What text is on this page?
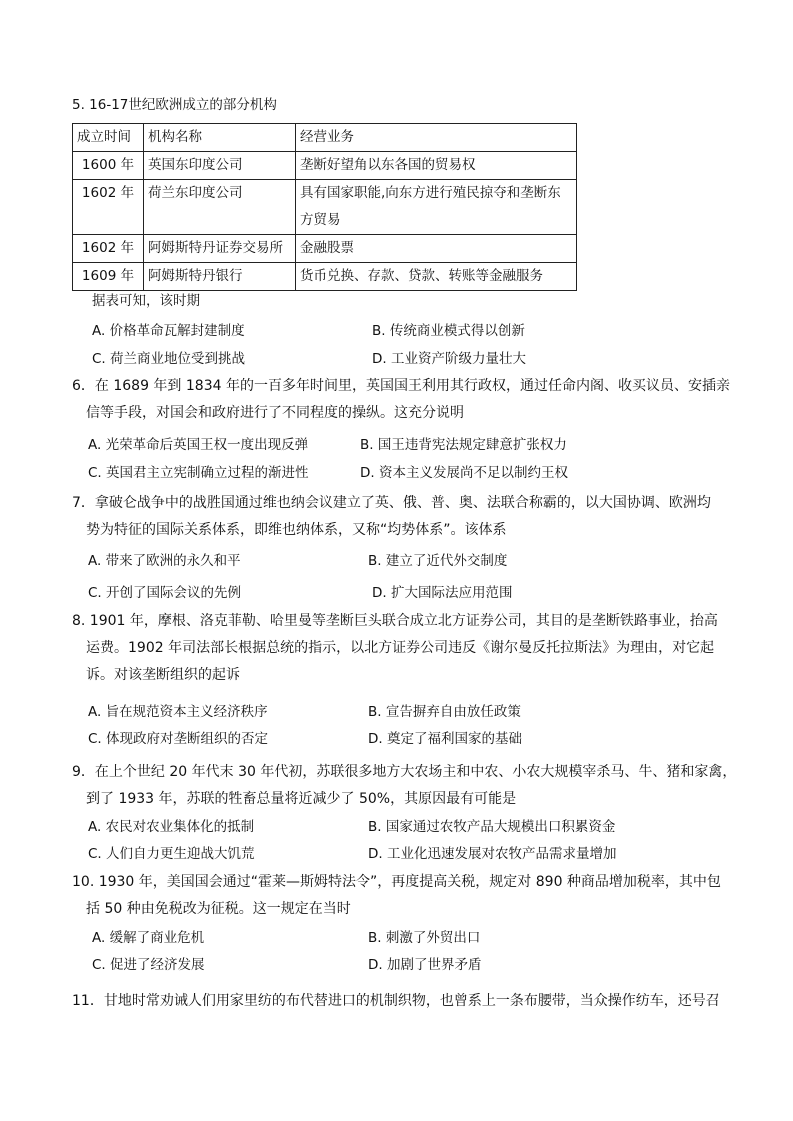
5. 16-17世纪欧洲成立的部分机构
成立时间	机构名称	经营业务
1600 年	英国东印度公司	垄断好望角以东各国的贸易权

1602 年	荷兰东印度公司	具有国家职能,向东方进行殖民掠夺和垄断东
方贸易

1602 年	阿姆斯特丹证券交易所	金融股票

1609 年	阿姆斯特丹银行	货币兑换、存款、贷款、转账等金融服务
据表可知，该时期
A. 价格革命瓦解封建制度	B. 传统商业模式得以创新
C. 荷兰商业地位受到挑战	D. 工业资产阶级力量壮大
6．在 1689 年到 1834 年的一百多年时间里，英国国王利用其行政权，通过任命内阁、收买议员、安插亲
信等手段，对国会和政府进行了不同程度的操纵。这充分说明
A. 光荣革命后英国王权一度出现反弹	B. 国王违背宪法规定肆意扩张权力
C. 英国君主立宪制确立过程的渐进性	D. 资本主义发展尚不足以制约王权
7．拿破仑战争中的战胜国通过维也纳会议建立了英、俄、普、奥、法联合称霸的，以大国协调、欧洲均
势为特征的国际关系体系，即维也纳体系，又称“均势体系”。该体系
A. 带来了欧洲的永久和平	B. 建立了近代外交制度
C. 开创了国际会议的先例	D. 扩大国际法应用范围
8. 1901 年，摩根、洛克菲勒、哈里曼等垄断巨头联合成立北方证券公司，其目的是垄断铁路事业，抬高
运费。1902 年司法部长根据总统的指示，以北方证券公司违反《谢尔曼反托拉斯法》为理由，对它起
诉。对该垄断组织的起诉
A. 旨在规范资本主义经济秩序	B. 宣告摒弃自由放任政策
C. 体现政府对垄断组织的否定	D. 奠定了福利国家的基础
9．在上个世纪 20 年代末 30 年代初，苏联很多地方大农场主和中农、小农大规模宰杀马、牛、猪和家禽，
到了 1933 年，苏联的牲畜总量将近减少了 50%，其原因最有可能是
A. 农民对农业集体化的抵制	B. 国家通过农牧产品大规模出口积累资金
C. 人们自力更生迎战大饥荒	D. 工业化迅速发展对农牧产品需求量增加
10. 1930 年，美国国会通过“霍莱—斯姆特法令”，再度提高关税，规定对 890 种商品增加税率，其中包
括 50 种由免税改为征税。这一规定在当时
A. 缓解了商业危机	B. 刺激了外贸出口
C. 促进了经济发展	D. 加剧了世界矛盾
11．甘地时常劝诫人们用家里纺的布代替进口的机制织物，也曾系上一条布腰带，当众操作纺车，还号召
